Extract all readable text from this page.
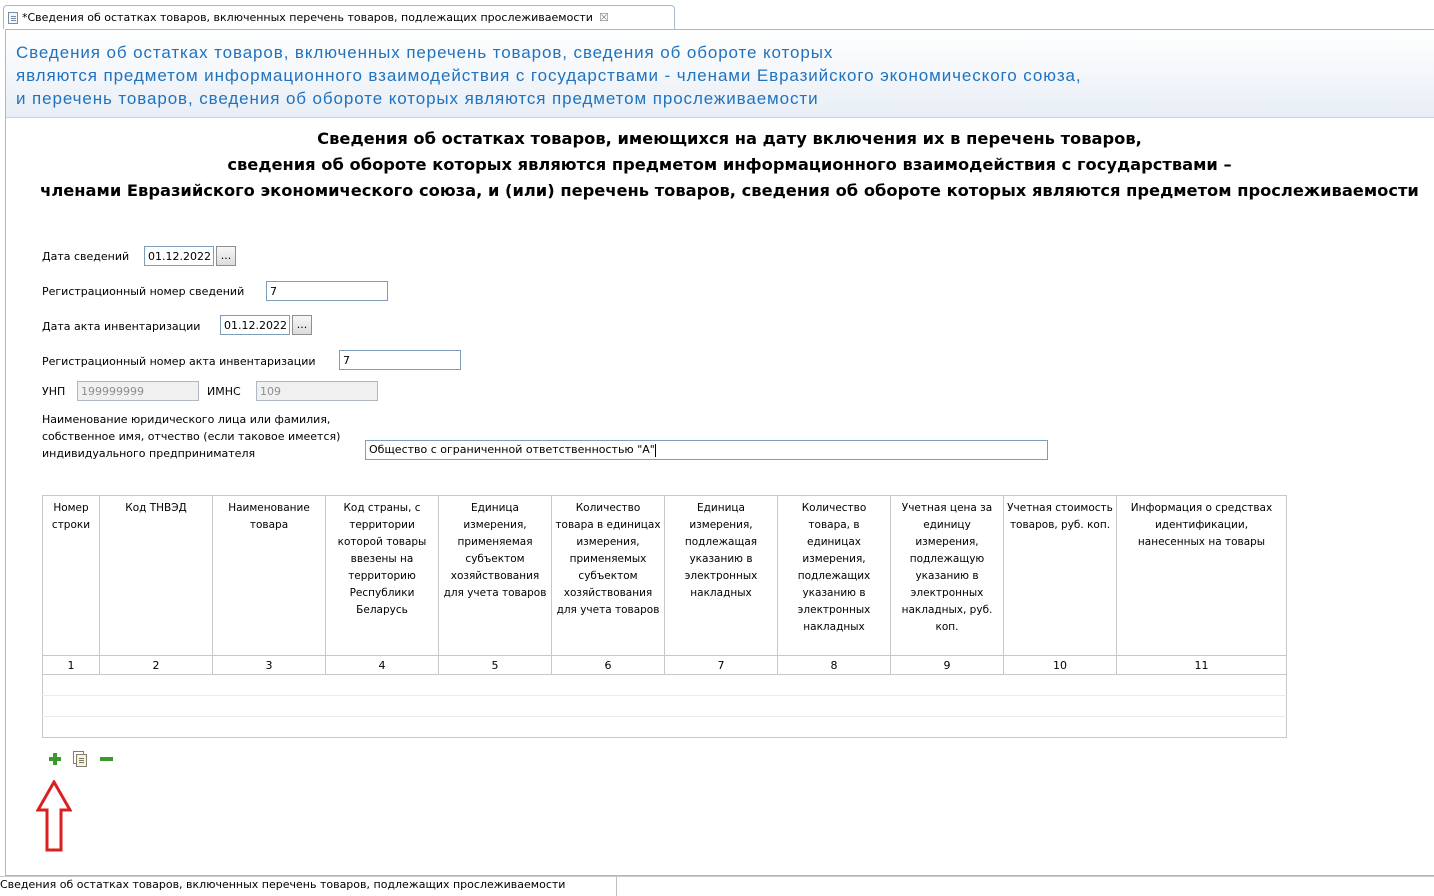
*Сведения об остатках товаров, включенных перечень товаров, подлежащих прослеживаемости ☒
Сведения об остатках товаров, включенных перечень товаров, сведения об обороте которых
являются предметом информационного взаимодействия с государствами - членами Евразийского экономического союза,
и перечень товаров, сведения об обороте которых являются предметом прослеживаемости
Сведения об остатках товаров, имеющихся на дату включения их в перечень товаров,
сведения об обороте которых являются предметом информационного взаимодействия с государствами –
членами Евразийского экономического союза, и (или) перечень товаров, сведения об обороте которых являются предметом прослеживаемости
Дата сведений
01.12.2022	...
Регистрационный номер сведений
7
Дата акта инвентаризации
01.12.2022	...
Регистрационный номер акта инвентаризации
7
УНП
199999999	ИМНС
109
Наименование юридического лица или фамилия,
собственное имя, отчество (если таковое имеется)
индивидуального предпринимателя	Общество с ограниченной ответственностью "А"
Номер строки	Код ТНВЭД	Наименование товара	Код страны, с территории которой товары ввезены на территорию Республики Беларусь	Единица измерения, применяемая субъектом хозяйствования для учета товаров	Количество товара в единицах измерения, применяемых субъектом хозяйствования для учета товаров	Единица измерения, подлежащая указанию в электронных накладных	Количество товара, в единицах измерения, подлежащих указанию в электронных накладных	Учетная цена за единицу измерения, подлежащую указанию в электронных накладных, руб. коп.	Учетная стоимость товаров, руб. коп.	Информация о средствах идентификации, нанесенных на товары
1	2	3	4	5	6	7	8	9	10	11

Сведения об остатках товаров, включенных перечень товаров, подлежащих прослеживаемости
